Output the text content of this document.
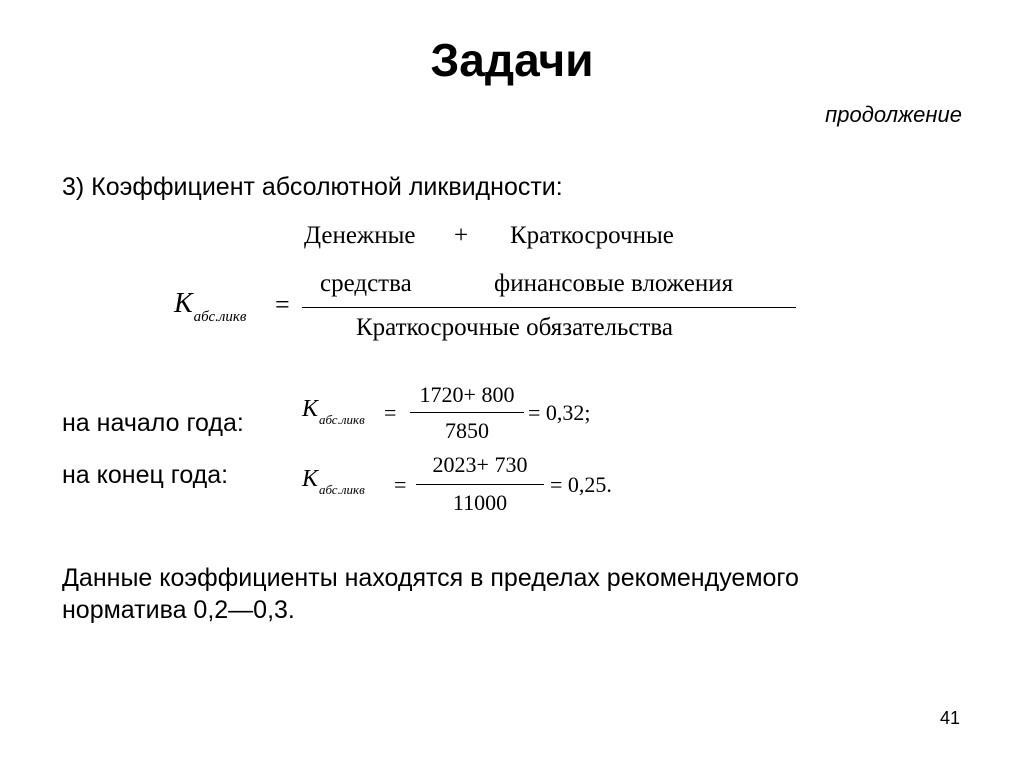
Задачи
продолжение
3) Коэффициент абсолютной ликвидности:
$К_{абс.ликв}$ =
Денежные + Краткосрочные
средства	финансовые вложения
Краткосрочные обязательства
на начало года: $К_{абс.ликв}$ =
1720+ 800
7850
= 0,32;
на конец года:	$К_{абс.ликв}$ =
2023+ 730
11000
= 0,25.
Данные коэффициенты находятся в пределах рекомендуемого
норматива 0,2—0,3.
41
